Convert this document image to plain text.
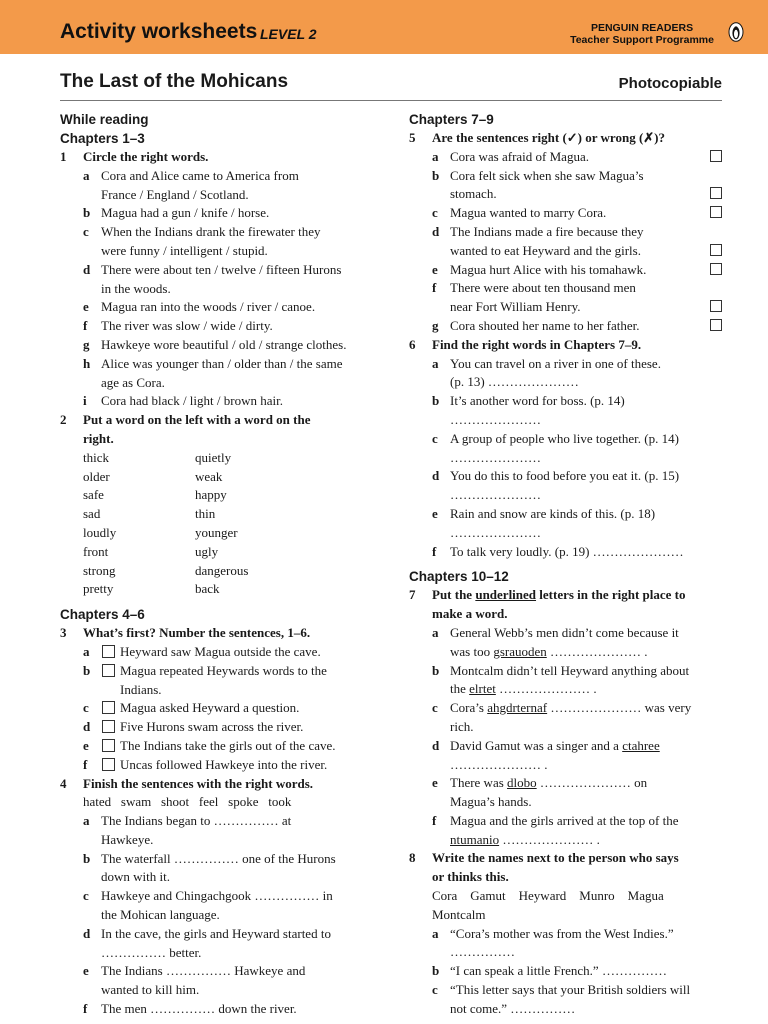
Activity worksheets LEVEL 2	PENGUIN READERS
Teacher Support Programme
The Last of the Mohicans	Photocopiable
While reading
Chapters 1–3
1 Circle the right words.
a Cora and Alice came to America from
France / England / Scotland.
b Magua had a gun / knife / horse.
c When the Indians drank the firewater they
were funny / intelligent / stupid.
d There were about ten / twelve / fifteen Hurons
in the woods.
e Magua ran into the woods / river / canoe.
f The river was slow / wide / dirty.
g Hawkeye wore beautiful / old / strange clothes.
h Alice was younger than / older than / the same
age as Cora.
i Cora had black / light / brown hair.
2 Put a word on the left with a word on the
right.
thick	quietly
older	weak
safe	happy
sad	thin
loudly	younger
front	ugly
strong	dangerous
pretty	back
Chapters 4–6
3 What’s first? Number the sentences, 1–6.
a Heyward saw Magua outside the cave.
b Magua repeated Heywards words to the
Indians.
c Magua asked Heyward a question.
d Five Hurons swam across the river.
e The Indians take the girls out of the cave.
f	Uncas followed Hawkeye into the river.
4 Finish the sentences with the right words.
hated   swam   shoot   feel   spoke   took
a The Indians began to …………… at
Hawkeye.
b The waterfall …………… one of the Hurons
down with it.
c Hawkeye and Chingachgook …………… in
the Mohican language.
d In the cave, the girls and Heyward started to
…………… better.
e The Indians …………… Hawkeye and
wanted to kill him.
f The men …………… down the river.
Chapters 7–9
5 Are the sentences right (✓) or wrong (✗)?
a Cora was afraid of Magua.
b Cora felt sick when she saw Magua’s
stomach.
c Magua wanted to marry Cora.
d The Indians made a fire because they
wanted to eat Heyward and the girls.
e Magua hurt Alice with his tomahawk.
f There were about ten thousand men
near Fort William Henry.
g Cora shouted her name to her father.
6 Find the right words in Chapters 7–9.
a You can travel on a river in one of these.
(p. 13) …………………
b It’s another word for boss. (p. 14)
…………………
c A group of people who live together. (p. 14)
…………………
d You do this to food before you eat it. (p. 15)
…………………
e Rain and snow are kinds of this. (p. 18)
…………………
f To talk very loudly. (p. 19) …………………
Chapters 10–12
7 Put the underlined letters in the right place to
make a word.
a General Webb’s men didn’t come because it
was too gsrauoden ………………… .
b Montcalm didn’t tell Heyward anything about
the elrtet ………………… .
c Cora’s ahgdrternaf ………………… was very
rich.
d David Gamut was a singer and a ctahree
………………… .
e There was dlobo ………………… on
Magua’s hands.
f Magua and the girls arrived at the top of the
ntumanio ………………… .
8 Write the names next to the person who says
or thinks this.
Cora    Gamut    Heyward    Munro    Magua
Montcalm
a “Cora’s mother was from the West Indies.”
……………
b “I can speak a little French.” ……………
c “This letter says that your British soldiers will
not come.” ……………
